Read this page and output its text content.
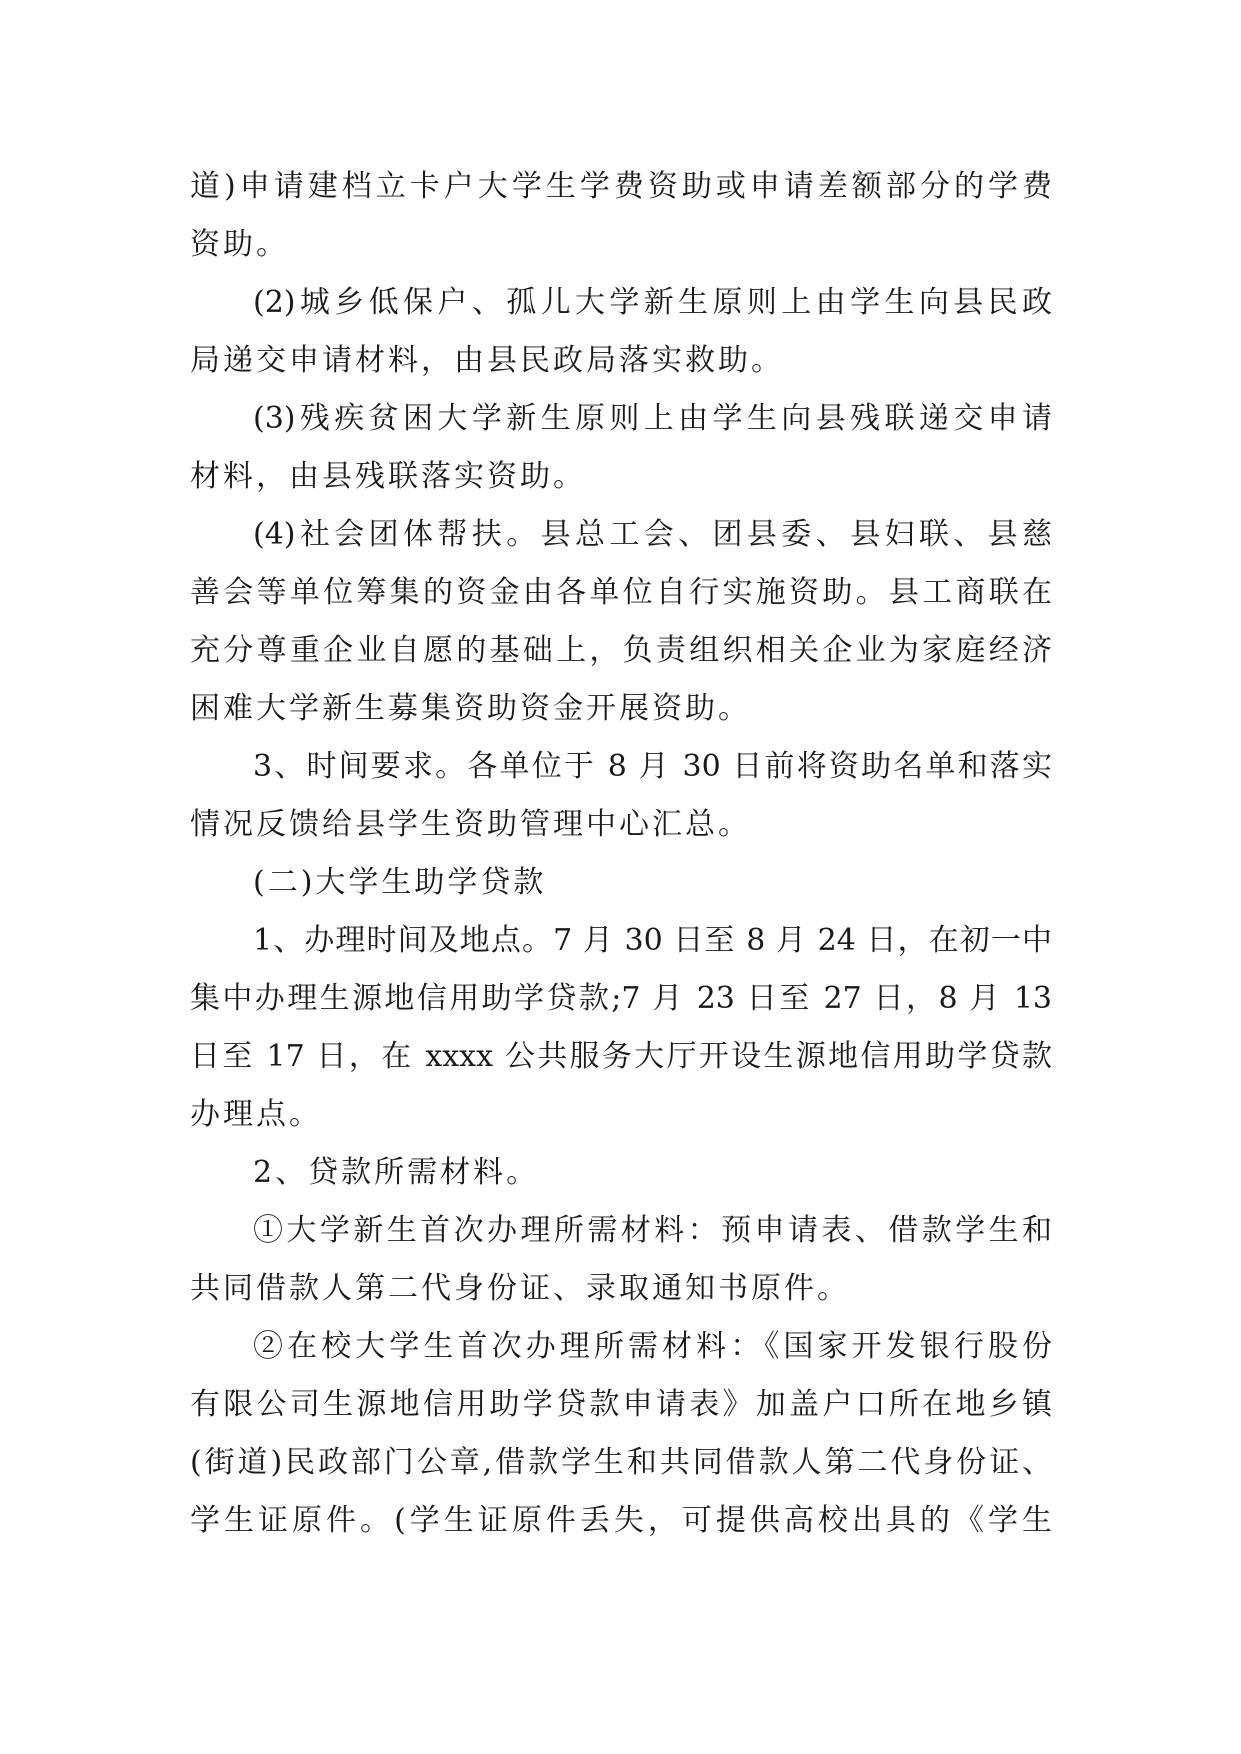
道)申请建档立卡户大学生学费资助或申请差额部分的学费
资助。
(2)城乡低保户、孤儿大学新生原则上由学生向县民政
局递交申请材料，由县民政局落实救助。
(3)残疾贫困大学新生原则上由学生向县残联递交申请
材料，由县残联落实资助。
(4)社会团体帮扶。县总工会、团县委、县妇联、县慈
善会等单位筹集的资金由各单位自行实施资助。县工商联在
充分尊重企业自愿的基础上，负责组织相关企业为家庭经济
困难大学新生募集资助资金开展资助。
3、时间要求。各单位于 8 月 30 日前将资助名单和落实
情况反馈给县学生资助管理中心汇总。
(二)大学生助学贷款
1、办理时间及地点。7 月 30 日至 8 月 24 日，在初一中
集中办理生源地信用助学贷款;7 月 23 日至 27 日，8 月 13
日至 17 日，在 xxxx 公共服务大厅开设生源地信用助学贷款
办理点。
2、贷款所需材料。
①大学新生首次办理所需材料：预申请表、借款学生和
共同借款人第二代身份证、录取通知书原件。
②在校大学生首次办理所需材料：《国家开发银行股份
有限公司生源地信用助学贷款申请表》加盖户口所在地乡镇
(街道)民政部门公章,借款学生和共同借款人第二代身份证、
学生证原件。(学生证原件丢失，可提供高校出具的《学生
